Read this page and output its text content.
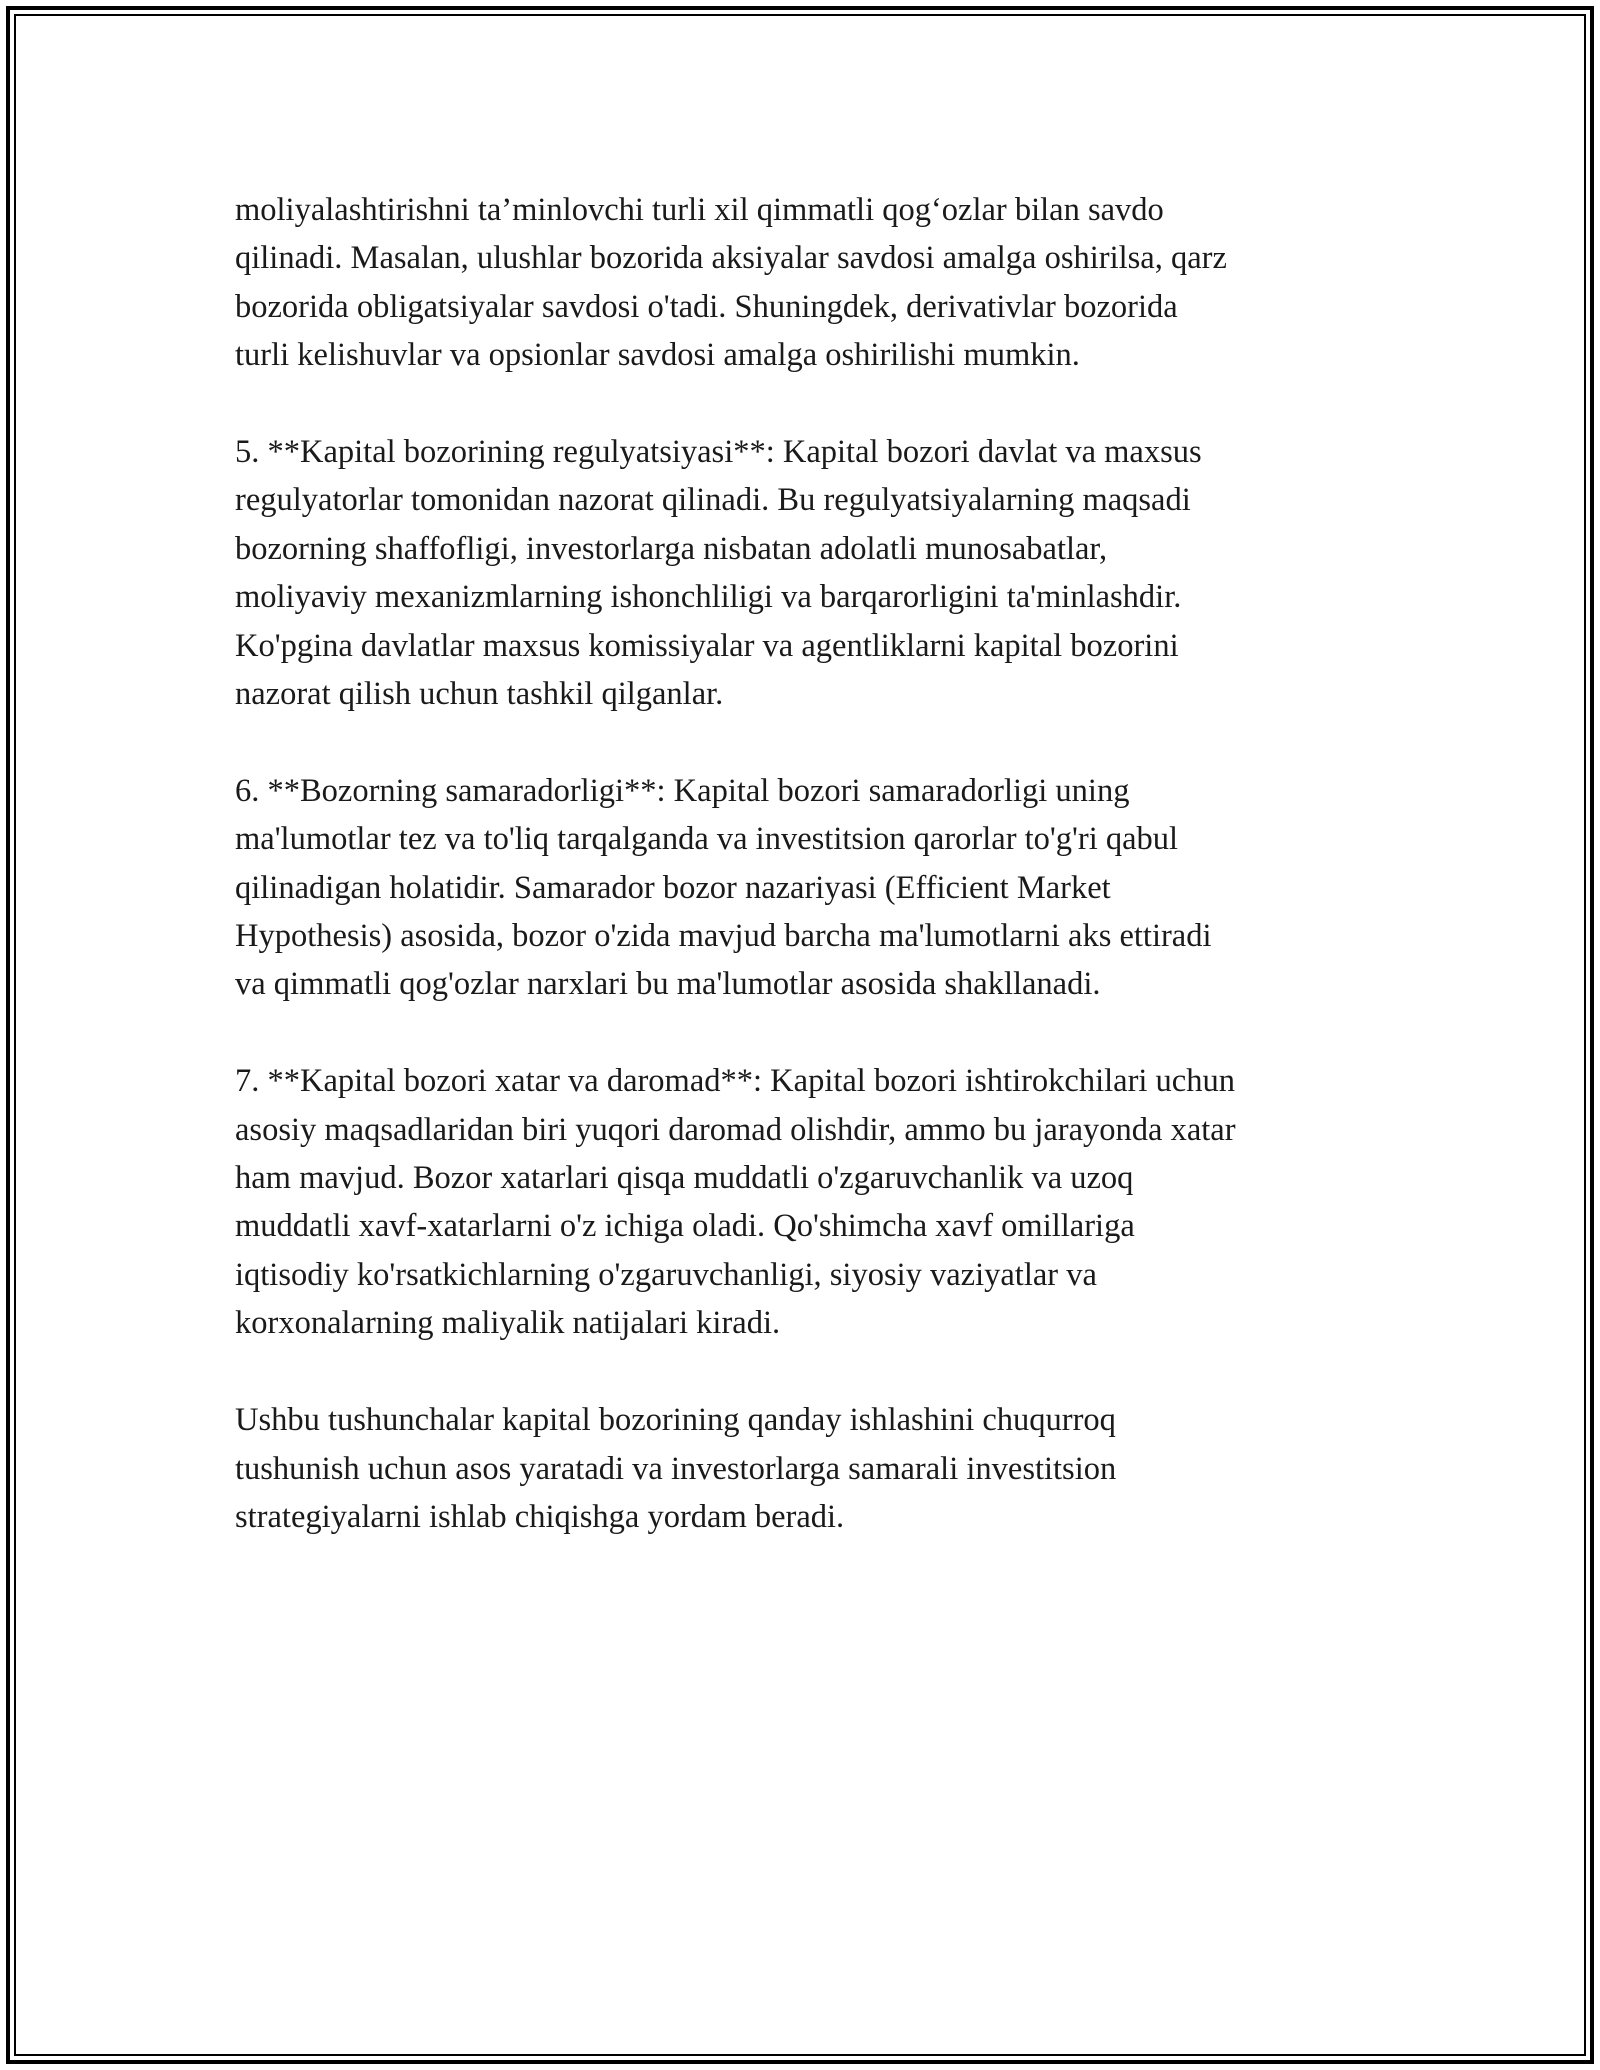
moliyalashtirishni ta’minlovchi turli xil qimmatli qog‘ozlar bilan savdo
qilinadi. Masalan, ulushlar bozorida aksiyalar savdosi amalga oshirilsa, qarz
bozorida obligatsiyalar savdosi o'tadi. Shuningdek, derivativlar bozorida
turli kelishuvlar va opsionlar savdosi amalga oshirilishi mumkin.

5. **Kapital bozorining regulyatsiyasi**: Kapital bozori davlat va maxsus
regulyatorlar tomonidan nazorat qilinadi. Bu regulyatsiyalarning maqsadi
bozorning shaffofligi, investorlarga nisbatan adolatli munosabatlar,
moliyaviy mexanizmlarning ishonchliligi va barqarorligini ta'minlashdir.
Ko'pgina davlatlar maxsus komissiyalar va agentliklarni kapital bozorini
nazorat qilish uchun tashkil qilganlar.

6. **Bozorning samaradorligi**: Kapital bozori samaradorligi uning
ma'lumotlar tez va to'liq tarqalganda va investitsion qarorlar to'g'ri qabul
qilinadigan holatidir. Samarador bozor nazariyasi (Efficient Market
Hypothesis) asosida, bozor o'zida mavjud barcha ma'lumotlarni aks ettiradi
va qimmatli qog'ozlar narxlari bu ma'lumotlar asosida shakllanadi.

7. **Kapital bozori xatar va daromad**: Kapital bozori ishtirokchilari uchun
asosiy maqsadlaridan biri yuqori daromad olishdir, ammo bu jarayonda xatar
ham mavjud. Bozor xatarlari qisqa muddatli o'zgaruvchanlik va uzoq
muddatli xavf-xatarlarni o'z ichiga oladi. Qo'shimcha xavf omillariga
iqtisodiy ko'rsatkichlarning o'zgaruvchanligi, siyosiy vaziyatlar va
korxonalarning maliyalik natijalari kiradi.

Ushbu tushunchalar kapital bozorining qanday ishlashini chuqurroq
tushunish uchun asos yaratadi va investorlarga samarali investitsion
strategiyalarni ishlab chiqishga yordam beradi.
